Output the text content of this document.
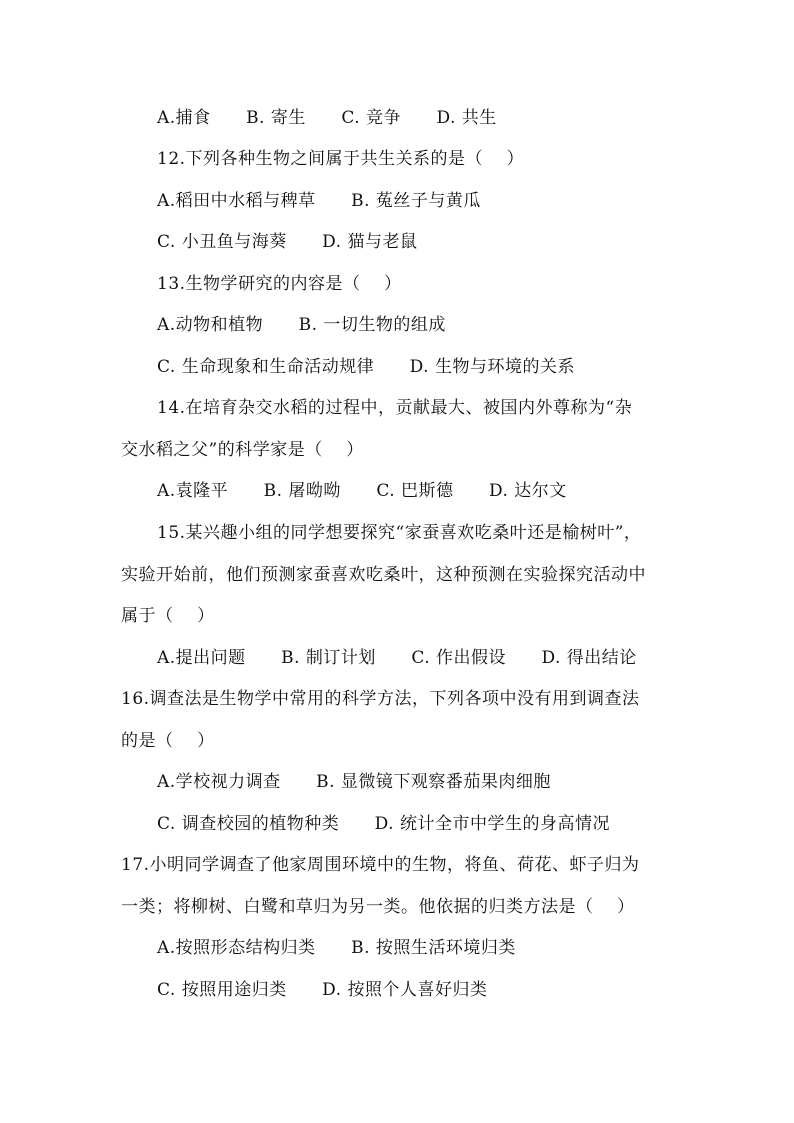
A.捕食      B. 寄生      C. 竞争      D. 共生
12.下列各种生物之间属于共生关系的是（    ）
A.稻田中水稻与稗草      B. 菟丝子与黄瓜
C. 小丑鱼与海葵      D. 猫与老鼠
13.生物学研究的内容是（    ）
A.动物和植物      B. 一切生物的组成
C. 生命现象和生命活动规律      D. 生物与环境的关系
14.在培育杂交水稻的过程中，贡献最大、被国内外尊称为“杂
交水稻之父”的科学家是（    ）
A.袁隆平      B. 屠呦呦      C. 巴斯德      D. 达尔文
15.某兴趣小组的同学想要探究“家蚕喜欢吃桑叶还是榆树叶”，
实验开始前，他们预测家蚕喜欢吃桑叶，这种预测在实验探究活动中
属于（    ）
A.提出问题      B. 制订计划      C. 作出假设      D. 得出结论
16.调查法是生物学中常用的科学方法，下列各项中没有用到调查法
的是（    ）
A.学校视力调查      B. 显微镜下观察番茄果肉细胞
C. 调查校园的植物种类      D. 统计全市中学生的身高情况
17.小明同学调查了他家周围环境中的生物，将鱼、荷花、虾子归为
一类；将柳树、白鹭和草归为另一类。他依据的归类方法是（    ）
A.按照形态结构归类      B. 按照生活环境归类
C. 按照用途归类      D. 按照个人喜好归类
